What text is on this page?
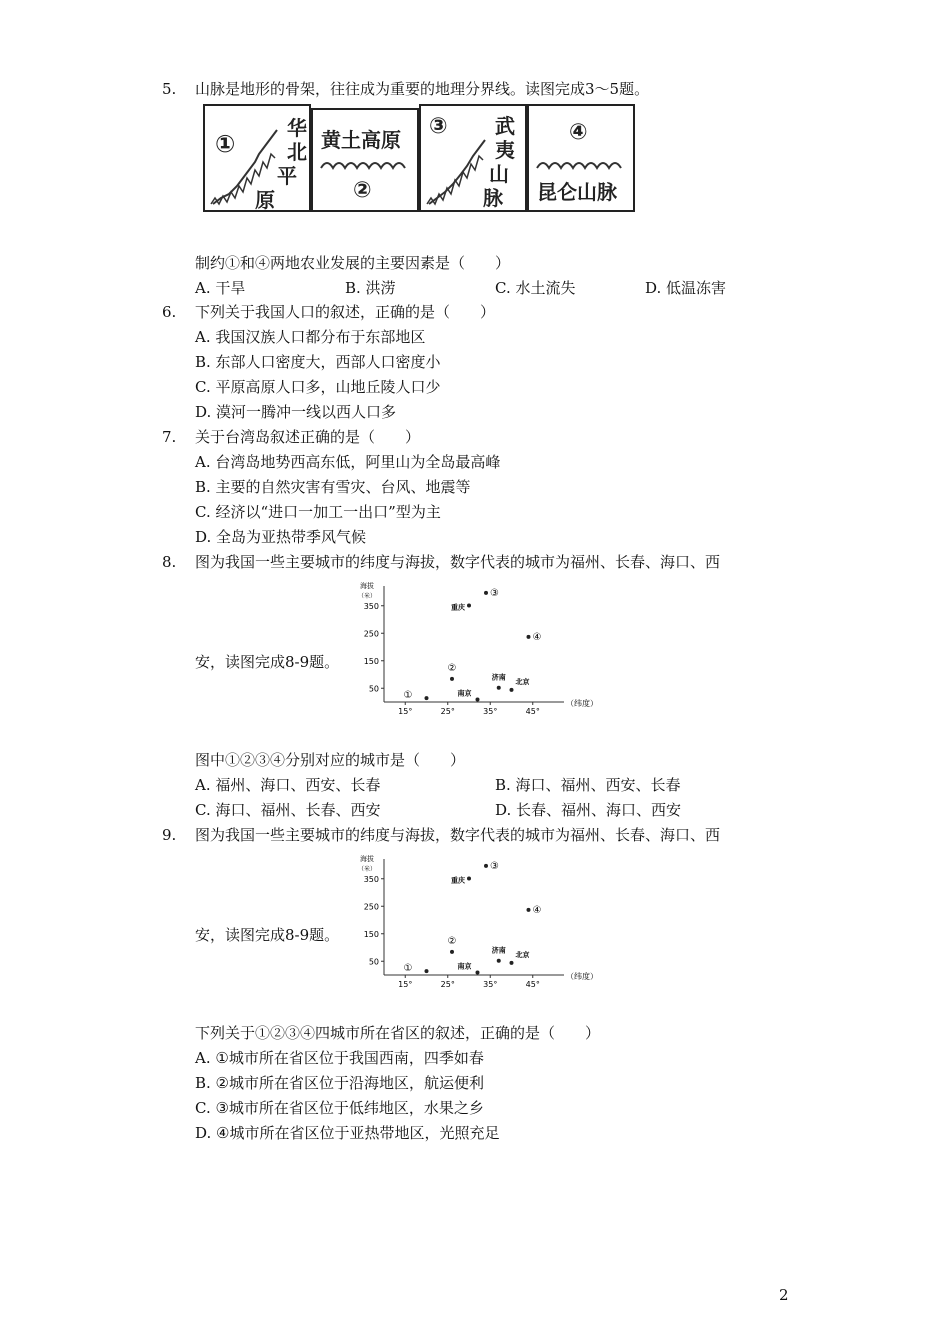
5. 山脉是地形的骨架，往往成为重要的地理分界线。读图完成3～5题。
①
华
北
平
原
黄土高原
②
③ 武
夷
山
脉
④
昆仑山脉
制约①和④两地农业发展的主要因素是（　　）
A. 干旱	B. 洪涝	C. 水土流失	D. 低温冻害
6. 下列关于我国人口的叙述，正确的是（　　）
A. 我国汉族人口都分布于东部地区
B. 东部人口密度大，西部人口密度小
C. 平原高原人口多，山地丘陵人口少
D. 漠河一腾冲一线以西人口多
7. 关于台湾岛叙述正确的是（　　）
A. 台湾岛地势西高东低，阿里山为全岛最高峰
B. 主要的自然灾害有雪灾、台风、地震等
C. 经济以“进口一加工一出口”型为主
D. 全岛为亚热带季风气候
8. 图为我国一些主要城市的纬度与海拔，数字代表的城市为福州、长春、海口、西
海拔
（米）
（纬度）
50
150
250
350
15°	25°	35°	45°
①
②
③
④
重庆
南京
济南
北京
安，读图完成8-9题。
图中①②③④分别对应的城市是（　　）
A. 福州、海口、西安、长春	B. 海口、福州、西安、长春
C. 海口、福州、长春、西安	D. 长春、福州、海口、西安
9. 图为我国一些主要城市的纬度与海拔，数字代表的城市为福州、长春、海口、西
海拔
（米）
（纬度）
50
150
250
350
15°	25°	35°	45°
①
②
③
④
重庆
南京
济南
北京
安，读图完成8-9题。
下列关于①②③④四城市所在省区的叙述，正确的是（　　）
A. ①城市所在省区位于我国西南，四季如春
B. ②城市所在省区位于沿海地区，航运便利
C. ③城市所在省区位于低纬地区，水果之乡
D. ④城市所在省区位于亚热带地区，光照充足
2
